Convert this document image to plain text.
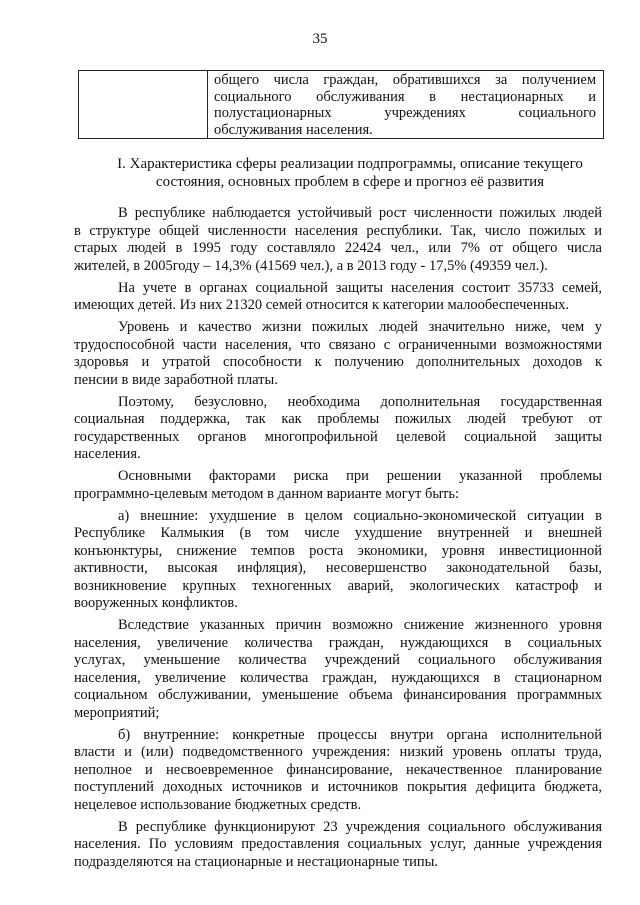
35
общего числа граждан, обратившихся за получением
социального обслуживания в нестационарных и
полустационарных учреждениях социального
обслуживания населения.
I. Характеристика сферы реализации подпрограммы, описание текущего
состояния, основных проблем в сфере и прогноз её развития
В республике наблюдается устойчивый рост численности пожилых людей
в структуре общей численности населения республики. Так, число пожилых и
старых людей в 1995 году составляло 22424 чел., или 7% от общего числа
жителей, в 2005году – 14,3% (41569 чел.), а в 2013 году - 17,5% (49359 чел.).
На учете в органах социальной защиты населения состоит 35733 семей,
имеющих детей. Из них 21320 семей относится к категории малообеспеченных.
Уровень и качество жизни пожилых людей значительно ниже, чем у
трудоспособной части населения, что связано с ограниченными возможностями
здоровья и утратой способности к получению дополнительных доходов к
пенсии в виде заработной платы.
Поэтому, безусловно, необходима дополнительная государственная
социальная поддержка, так как проблемы пожилых людей требуют от
государственных органов многопрофильной целевой социальной защиты
населения.
Основными факторами риска при решении указанной проблемы
программно-целевым методом в данном варианте могут быть:
а) внешние: ухудшение в целом социально-экономической ситуации в
Республике Калмыкия (в том числе ухудшение внутренней и внешней
конъюнктуры, снижение темпов роста экономики, уровня инвестиционной
активности, высокая инфляция), несовершенство законодательной базы,
возникновение крупных техногенных аварий, экологических катастроф и
вооруженных конфликтов.
Вследствие указанных причин возможно снижение жизненного уровня
населения, увеличение количества граждан, нуждающихся в социальных
услугах, уменьшение количества учреждений социального обслуживания
населения, увеличение количества граждан, нуждающихся в стационарном
социальном обслуживании, уменьшение объема финансирования программных
мероприятий;
б) внутренние: конкретные процессы внутри органа исполнительной
власти и (или) подведомственного учреждения: низкий уровень оплаты труда,
неполное и несвоевременное финансирование, некачественное планирование
поступлений доходных источников и источников покрытия дефицита бюджета,
нецелевое использование бюджетных средств.
В республике функционируют 23 учреждения социального обслуживания
населения. По условиям предоставления социальных услуг, данные учреждения
подразделяются на стационарные и нестационарные типы.
